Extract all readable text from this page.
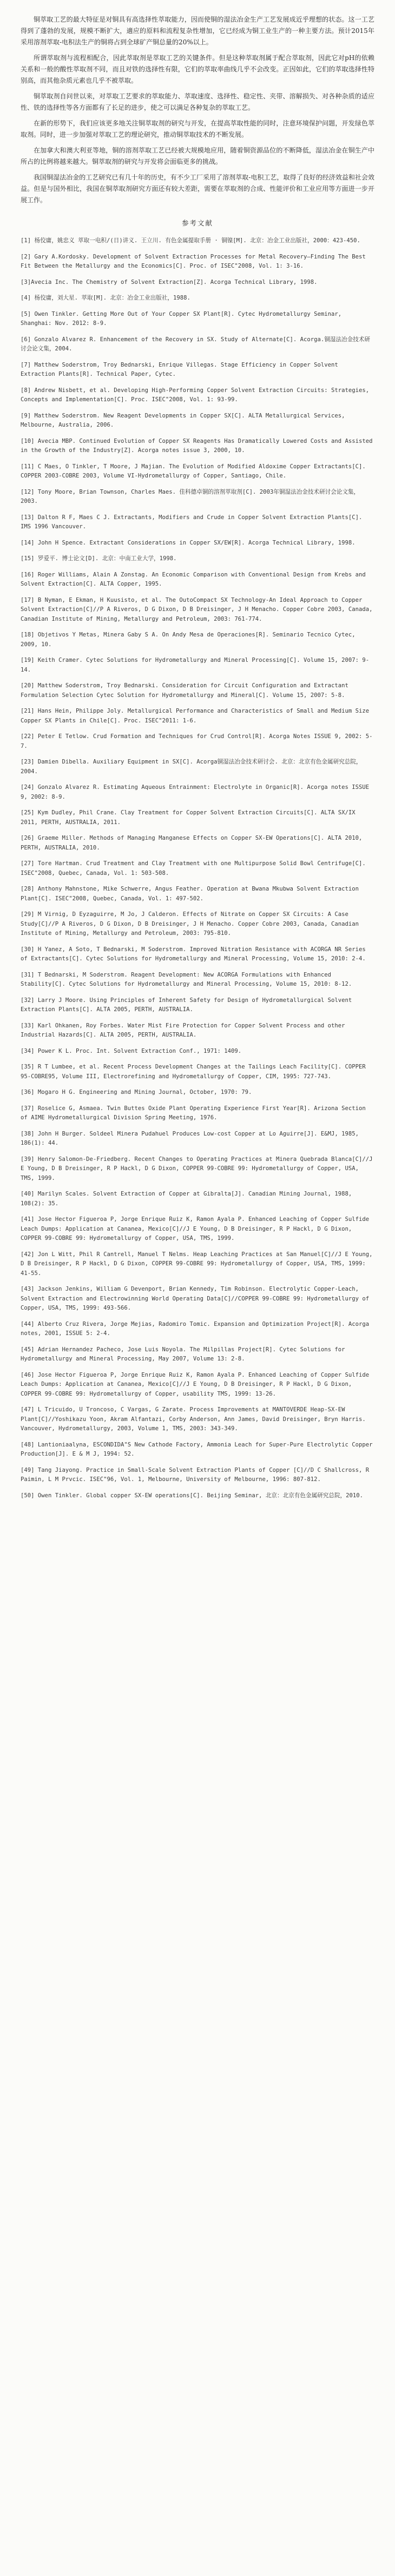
铜萃取工艺的最大特征是对铜具有高选择性萃取能力，因而使铜的湿法冶金生产工艺发展成近乎理想的状态。这一工艺得到了蓬勃的发展，规模不断扩大，適应的原料和流程复杂性增加，它已经成为铜工业生产的一种主要方法。预计2015年采用溶剂萃取-电积法生产的铜将占到全球矿产铜总量的20%以上。

所谓萃取剂与流程相配合，因此萃取剂是萃取工艺的关键条件。但是这种萃取剂属于配合萃取剂，因此它对pH的依赖关系和一般的酸性萃取剂不同，而且对铁的选择性有限，它们的萃取率曲线几乎不会改变。正因如此，它们的萃取选择性特别高，而其他杂质元素也几乎不被萃取。

铜萃取剂自问世以来，对萃取工艺要求的萃取能力、萃取速度、选择性、稳定性、夹带、溶解损失、对各种杂质的适应性、铁的选择性等各方面都有了长足的进步，使之可以满足各种复杂的萃取工艺。

在新的形势下，我们应该更多地关注铜萃取剂的研究与开发，在提高萃取性能的同时，注意环境保护问题，开发绿色萃取剂。同时，进一步加强对萃取工艺的理论研究，推动铜萃取技术的不断发展。

在加拿大和澳大利亚等地，铜的溶剂萃取工艺已经被大规模地应用，随着铜资源品位的不断降低，湿法冶金在铜生产中所占的比例将越来越大。铜萃取剂的研究与开发将会面临更多的挑战。

我国铜湿法冶金的工艺研究已有几十年的历史，有不少工厂采用了溶剂萃取-电积工艺，取得了良好的经济效益和社会效益。但是与国外相比，我国在铜萃取剂研究方面还有较大差距，需要在萃取剂的合成、性能评价和工业应用等方面进一步开展工作。

参考文献

[1] 杨佼庸，姚忠义 萃取一电积/(日)讲义. 王立川. 有色金属提取手册 · 铜镍[M]. 北京：冶金工业出版社，2000：423-450.

[2] Gary A.Kordosky. Development of Solvent Extraction Processes for Metal Recovery—Finding The Best Fit Between the Metallurgy and the Economics[C]. Proc. of ISEC"2008, Vol. 1: 3-16.

[3]Avecia Inc. The Chemistry of Solvent Extraction[Z]. Acorga Technical Library, 1998.

[4] 杨佼庸，刘大星. 萃取[M]. 北京：冶金工业出版社，1988.

[5] Owen Tinkler. Getting More Out of Your Copper SX Plant[R]. Cytec Hydrometallurgy Seminar, Shanghai: Nov. 2012: 8-9.

[6] Gonzalo Alvarez R. Enhancement of the Recovery in SX. Study of Alternate[C]. Acorga.铜湿法冶金技术研讨会论文集，2004.

[7] Matthew Soderstrom, Troy Bednarski, Enrique Villegas. Stage Efficiency in Copper Solvent Extraction Plants[R]. Technical Paper, Cytec.

[8] Andrew Nisbett, et al. Developing High-Performing Copper Solvent Extraction Circuits: Strategies, Concepts and Implementation[C]. Proc. ISEC"2008, Vol. 1: 93-99.

[9] Matthew Soderstrom. New Reagent Developments in Copper SX[C]. ALTA Metallurgical Services, Melbourne, Australia, 2006.

[10] Avecia MBP. Continued Evolution of Copper SX Reagents Has Dramatically Lowered Costs and Assisted in the Growth of the Industry[Z]. Acorga notes issue 3, 2000, 10.

[11] C Maes, O Tinkler, T Moore, J Majian. The Evolution of Modified Aldoxime Copper Extractants[C]. COPPER 2003-COBRE 2003, Volume VI-Hydrometallurgy of Copper, Santiago, Chile.

[12] Tony Moore, Brian Townson, Charles Maes. 佳科德卓铜的溶剂萃取剂[C]. 2003年铜湿法冶金技术研讨会论文集，2003.

[13] Dalton R F, Maes C J. Extractants, Modifiers and Crude in Copper Solvent Extraction Plants[C]. IMS 1996 Vancouver.

[14] John H Spence. Extractant Considerations in Copper SX/EW[R]. Acorga Technical Library, 1998.

[15] 罗爱平. 博士论文[D]. 北京：中南工业大学，1998.

[16] Roger Williams, Alain A Zonstag. An Economic Comparison with Conventional Design from Krebs and Solvent Extraction[C]. ALTA Copper, 1995.

[17] B Nyman, E Ekman, H Kuusisto, et al. The OutoCompact SX Technology-An Ideal Approach to Copper Solvent Extraction[C]//P A Riveros, D G Dixon, D B Dreisinger, J H Menacho. Copper Cobre 2003, Canada, Canadian Institute of Mining, Metallurgy and Petroleum, 2003: 761-774.

[18] Objetivos Y Metas, Minera Gaby S A. On Andy Mesa de Operaciones[R]. Seminario Tecnico Cytec, 2009, 10.

[19] Keith Cramer. Cytec Solutions for Hydrometallurgy and Mineral Processing[C]. Volume 15, 2007: 9-14.

[20] Matthew Soderstrom, Troy Bednarski. Consideration for Circuit Configuration and Extractant Formulation Selection Cytec Solution for Hydrometallurgy and Mineral[C]. Volume 15, 2007: 5-8.

[21] Hans Hein, Philippe Joly. Metallurgical Performance and Characteristics of Small and Medium Size Copper SX Plants in Chile[C]. Proc. ISEC"2011: 1-6.

[22] Peter E Tetlow. Crud Formation and Techniques for Crud Control[R]. Acorga Notes ISSUE 9, 2002: 5-7.

[23] Damien Dibella. Auxiliary Equipment in SX[C]. Acorga铜湿法冶金技术研讨会. 北京：北京有色金属研究总院，2004.

[24] Gonzalo Alvarez R. Estimating Aqueous Entrainment: Electrolyte in Organic[R]. Acorga notes ISSUE 9, 2002: 8-9.

[25] Kym Dudley, Phil Crane. Clay Treatment for Copper Solvent Extraction Circuits[C]. ALTA SX/IX 2011, PERTH, AUSTRALIA, 2011.

[26] Graeme Miller. Methods of Managing Manganese Effects on Copper SX-EW Operations[C]. ALTA 2010, PERTH, AUSTRALIA, 2010.

[27] Tore Hartman. Crud Treatment and Clay Treatment with one Multipurpose Solid Bowl Centrifuge[C]. ISEC"2008, Quebec, Canada, Vol. 1: 503-508.

[28] Anthony Mahnstone, Mike Schwerre, Angus Feather. Operation at Bwana Mkubwa Solvent Extraction Plant[C]. ISEC"2008, Quebec, Canada, Vol. 1: 497-502.

[29] M Virnig, D Eyzaguirre, M Jo, J Calderon. Effects of Nitrate on Copper SX Circuits: A Case Study[C]//P A Riveros, D G Dixon, D B Dreisinger, J H Menacho. Copper Cobre 2003, Canada, Canadian Institute of Mining, Metallurgy and Petroleum, 2003: 795-810.

[30] H Yanez, A Soto, T Bednarski, M Soderstrom. Improved Nitration Resistance with ACORGA NR Series of Extractants[C]. Cytec Solutions for Hydrometallurgy and Mineral Processing, Volume 15, 2010: 2-4.

[31] T Bednarski, M Soderstrom. Reagent Development: New ACORGA Formulations with Enhanced Stability[C]. Cytec Solutions for Hydrometallurgy and Mineral Processing, Volume 15, 2010: 8-12.

[32] Larry J Moore. Using Principles of Inherent Safety for Design of Hydrometallurgical Solvent Extraction Plants[C]. ALTA 2005, PERTH, AUSTRALIA.

[33] Karl Ohkanen, Roy Forbes. Water Mist Fire Protection for Copper Solvent Process and other Industrial Hazards[C]. ALTA 2005, PERTH, AUSTRALIA.

[34] Power K L. Proc. Int. Solvent Extraction Conf., 1971: 1409.

[35] R T Lumbee, et al. Recent Process Development Changes at the Tailings Leach Facility[C]. COPPER 95-COBRE95, Volume III, Electrorefining and Hydrometallurgy of Copper, CIM, 1995: 727-743.

[36] Mogaro H G. Engineering and Mining Journal, October, 1970: 79.

[37] Roselice G, Asmaea. Twin Buttes Oxide Plant Operating Experience First Year[R]. Arizona Section of AIME Hydrometallurgical Division Spring Meeting, 1976.

[38] John H Burger. Soldeel Minera Pudahuel Produces Low-cost Copper at Lo Aguirre[J]. E&MJ, 1985, 186(1): 44.

[39] Henry Salomon-De-Friedberg. Recent Changes to Operating Practices at Minera Quebrada Blanca[C]//J E Young, D B Dreisinger, R P Hackl, D G Dixon, COPPER 99-COBRE 99: Hydrometallurgy of Copper, USA, TMS, 1999.

[40] Marilyn Scales. Solvent Extraction of Copper at Gibralta[J]. Canadian Mining Journal, 1988, 108(2): 35.

[41] Jose Hector Figueroa P, Jorge Enrique Ruiz K, Ramon Ayala P. Enhanced Leaching of Copper Sulfide Leach Dumps: Application at Cananea, Mexico[C]//J E Young, D B Dreisinger, R P Hackl, D G Dixon, COPPER 99-COBRE 99: Hydrometallurgy of Copper, USA, TMS, 1999.

[42] Jon L Witt, Phil R Cantrell, Manuel T Nelms. Heap Leaching Practices at San Manuel[C]//J E Young, D B Dreisinger, R P Hackl, D G Dixon, COPPER 99-COBRE 99: Hydrometallurgy of Copper, USA, TMS, 1999: 41-55.

[43] Jackson Jenkins, William G Devenport, Brian Kennedy, Tim Robinson. Electrolytic Copper-Leach, Solvent Extraction and Electrowinning World Operating Data[C]//COPPER 99-COBRE 99: Hydrometallurgy of Copper, USA, TMS, 1999: 493-566.

[44] Alberto Cruz Rivera, Jorge Mejias, Radomiro Tomic. Expansion and Optimization Project[R]. Acorga notes, 2001, ISSUE 5: 2-4.

[45] Adrian Hernandez Pacheco, Jose Luis Noyola. The Milpillas Project[R]. Cytec Solutions for Hydrometallurgy and Mineral Processing, May 2007, Volume 13: 2-8.

[46] Jose Hector Figueroa P, Jorge Enrique Ruiz K, Ramon Ayala P. Enhanced Leaching of Copper Sulfide Leach Dumps: Application at Cananea, Mexico[C]//J E Young, D B Dreisinger, R P Hackl, D G Dixon, COPPER 99-COBRE 99: Hydrometallurgy of Copper, usability TMS, 1999: 13-26.

[47] L Tricuido, U Troncoso, C Vargas, G Zarate. Process Improvements at MANTOVERDE Heap-SX-EW Plant[C]//Yoshikazu Yoon, Akram Alfantazi, Corby Anderson, Ann James, David Dreisinger, Bryn Harris. Vancouver, Hydrometallurgy, 2003, Volume 1, TMS, 2003: 343-349.

[48] Lantioniaalyna, ESCONDIDA"S New Cathode Factory, Ammonia Leach for Super-Pure Electrolytic Copper Production[J]. E & M J, 1994: 52.

[49] Tang Jiayong. Practice in Small-Scale Solvent Extraction Plants of Copper [C]//D C Shallcross, R Paimin, L M Prvcic. ISEC"96, Vol. 1, Melbourne, University of Melbourne, 1996: 807-812.

[50] Owen Tinkler. Global copper SX-EW operations[C]. Beijing Seminar, 北京：北京有色金属研究总院，2010.
